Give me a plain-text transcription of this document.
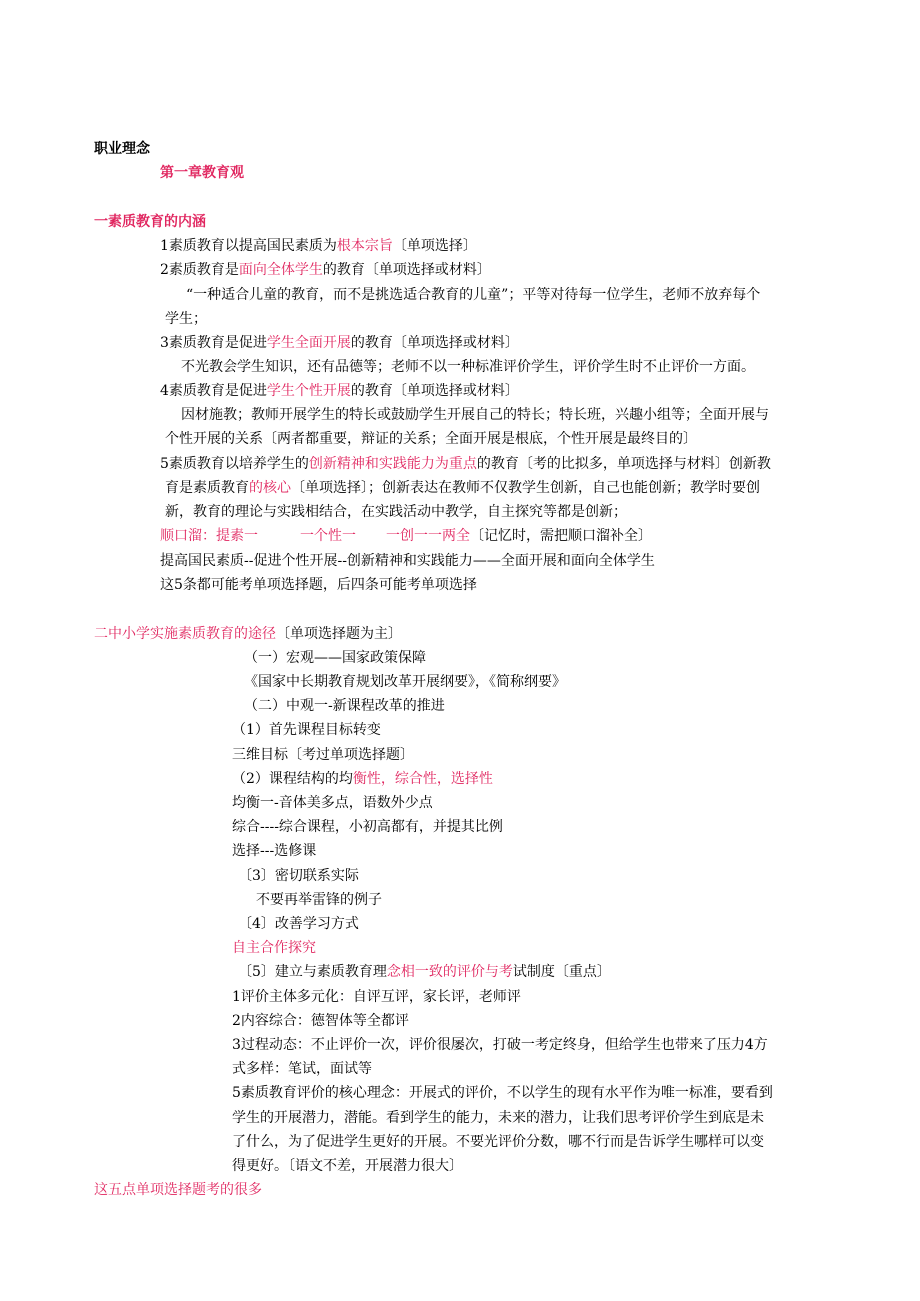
职业理念
第一章教育观
一素质教育的内涵
1素质教育以提高国民素质为根本宗旨〔单项选择〕
2素质教育是面向全体学生的教育〔单项选择或材料〕
“一种适合儿童的教育，而不是挑选适合教育的儿童”；平等对待每一位学生，老师不放弃每个
学生；
3素质教育是促进学生全面开展的教育〔单项选择或材料〕
不光教会学生知识，还有品德等；老师不以一种标准评价学生，评价学生时不止评价一方面。
4素质教育是促进学生个性开展的教育〔单项选择或材料〕
因材施教；教师开展学生的特长或鼓励学生开展自己的特长；特长班，兴趣小组等；全面开展与
个性开展的关系〔两者都重要，辩证的关系；全面开展是根底，个性开展是最终目的〕
5素质教育以培养学生的创新精神和实践能力为重点的教育〔考的比拟多，单项选择与材料〕创新教
育是素质教育的核心〔单项选择〕；创新表达在教师不仅教学生创新，自己也能创新；教学时要创
新，教育的理论与实践相结合，在实践活动中教学，自主探究等都是创新；
顺口溜：提素一	一个性一 一创一一两全〔记忆时，需把顺口溜补全〕
提高国民素质--促进个性开展--创新精神和实践能力——全面开展和面向全体学生
这5条都可能考单项选择题，后四条可能考单项选择
二中小学实施素质教育的途径〔单项选择题为主〕
（一）宏观——国家政策保障
《国家中长期教育规划改革开展纲要》，《简称纲要》
（二）中观一-新课程改革的推进
（1）首先课程目标转变
三维目标〔考过单项选择题〕
（2）课程结构的均衡性，综合性，选择性
均衡一-音体美多点，语数外少点
综合----综合课程，小初高都有，并提其比例
选择---选修课
〔3〕密切联系实际
不要再举雷锋的例子
〔4〕改善学习方式
自主合作探究
〔5〕建立与素质教育理念相一致的评价与考试制度〔重点〕
1评价主体多元化：自评互评，家长评，老师评
2内容综合：德智体等全都评
3过程动态：不止评价一次，评价很屡次，打破一考定终身，但给学生也带来了压力4方
式多样：笔试，面试等
5素质教育评价的核心理念：开展式的评价，不以学生的现有水平作为唯一标准，要看到
学生的开展潜力，潜能。看到学生的能力，未来的潜力，让我们思考评价学生到底是未
了什么，为了促进学生更好的开展。不要光评价分数，哪不行而是告诉学生哪样可以变
得更好。〔语文不差，开展潜力很大〕
这五点单项选择题考的很多
